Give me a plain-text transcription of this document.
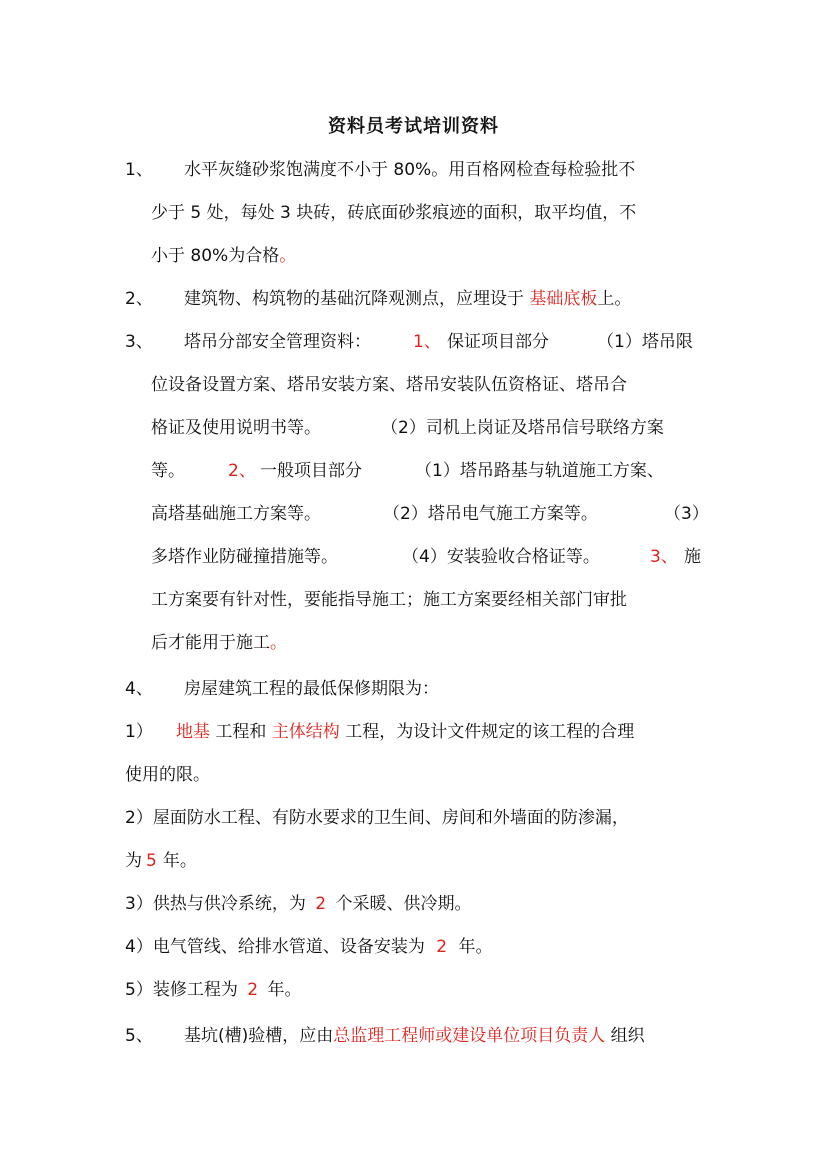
资料员考试培训资料
1、 水平灰缝砂浆饱满度不小于 80%。用百格网检查每检验批不
少于 5 处，每处 3 块砖，砖底面砂浆痕迹的面积，取平均值，不
小于 80%为合格。
2、 建筑物、构筑物的基础沉降观测点，应埋设于 基础底板上。
3、 塔吊分部安全管理资料： 1、 保证项目部分	（1）塔吊限
位设备设置方案、塔吊安装方案、塔吊安装队伍资格证、塔吊合
格证及使用说明书等。	（2）司机上岗证及塔吊信号联络方案
等。	2、 一般项目部分	（1）塔吊路基与轨道施工方案、
高塔基础施工方案等。	（2）塔吊电气施工方案等。	（3）
多塔作业防碰撞措施等。	（4）安装验收合格证等。	3、 施
工方案要有针对性，要能指导施工；施工方案要经相关部门审批
后才能用于施工。
4、 房屋建筑工程的最低保修期限为：
1） 地基 工程和 主体结构 工程，为设计文件规定的该工程的合理
使用的限。
2）屋面防水工程、有防水要求的卫生间、房间和外墙面的防渗漏，
为 5 年。
3）供热与供冷系统，为 2 个采暖、供冷期。
4）电气管线、给排水管道、设备安装为 2 年。
5）装修工程为 2 年。
5、 基坑(槽)验槽，应由总监理工程师或建设单位项目负责人 组织
